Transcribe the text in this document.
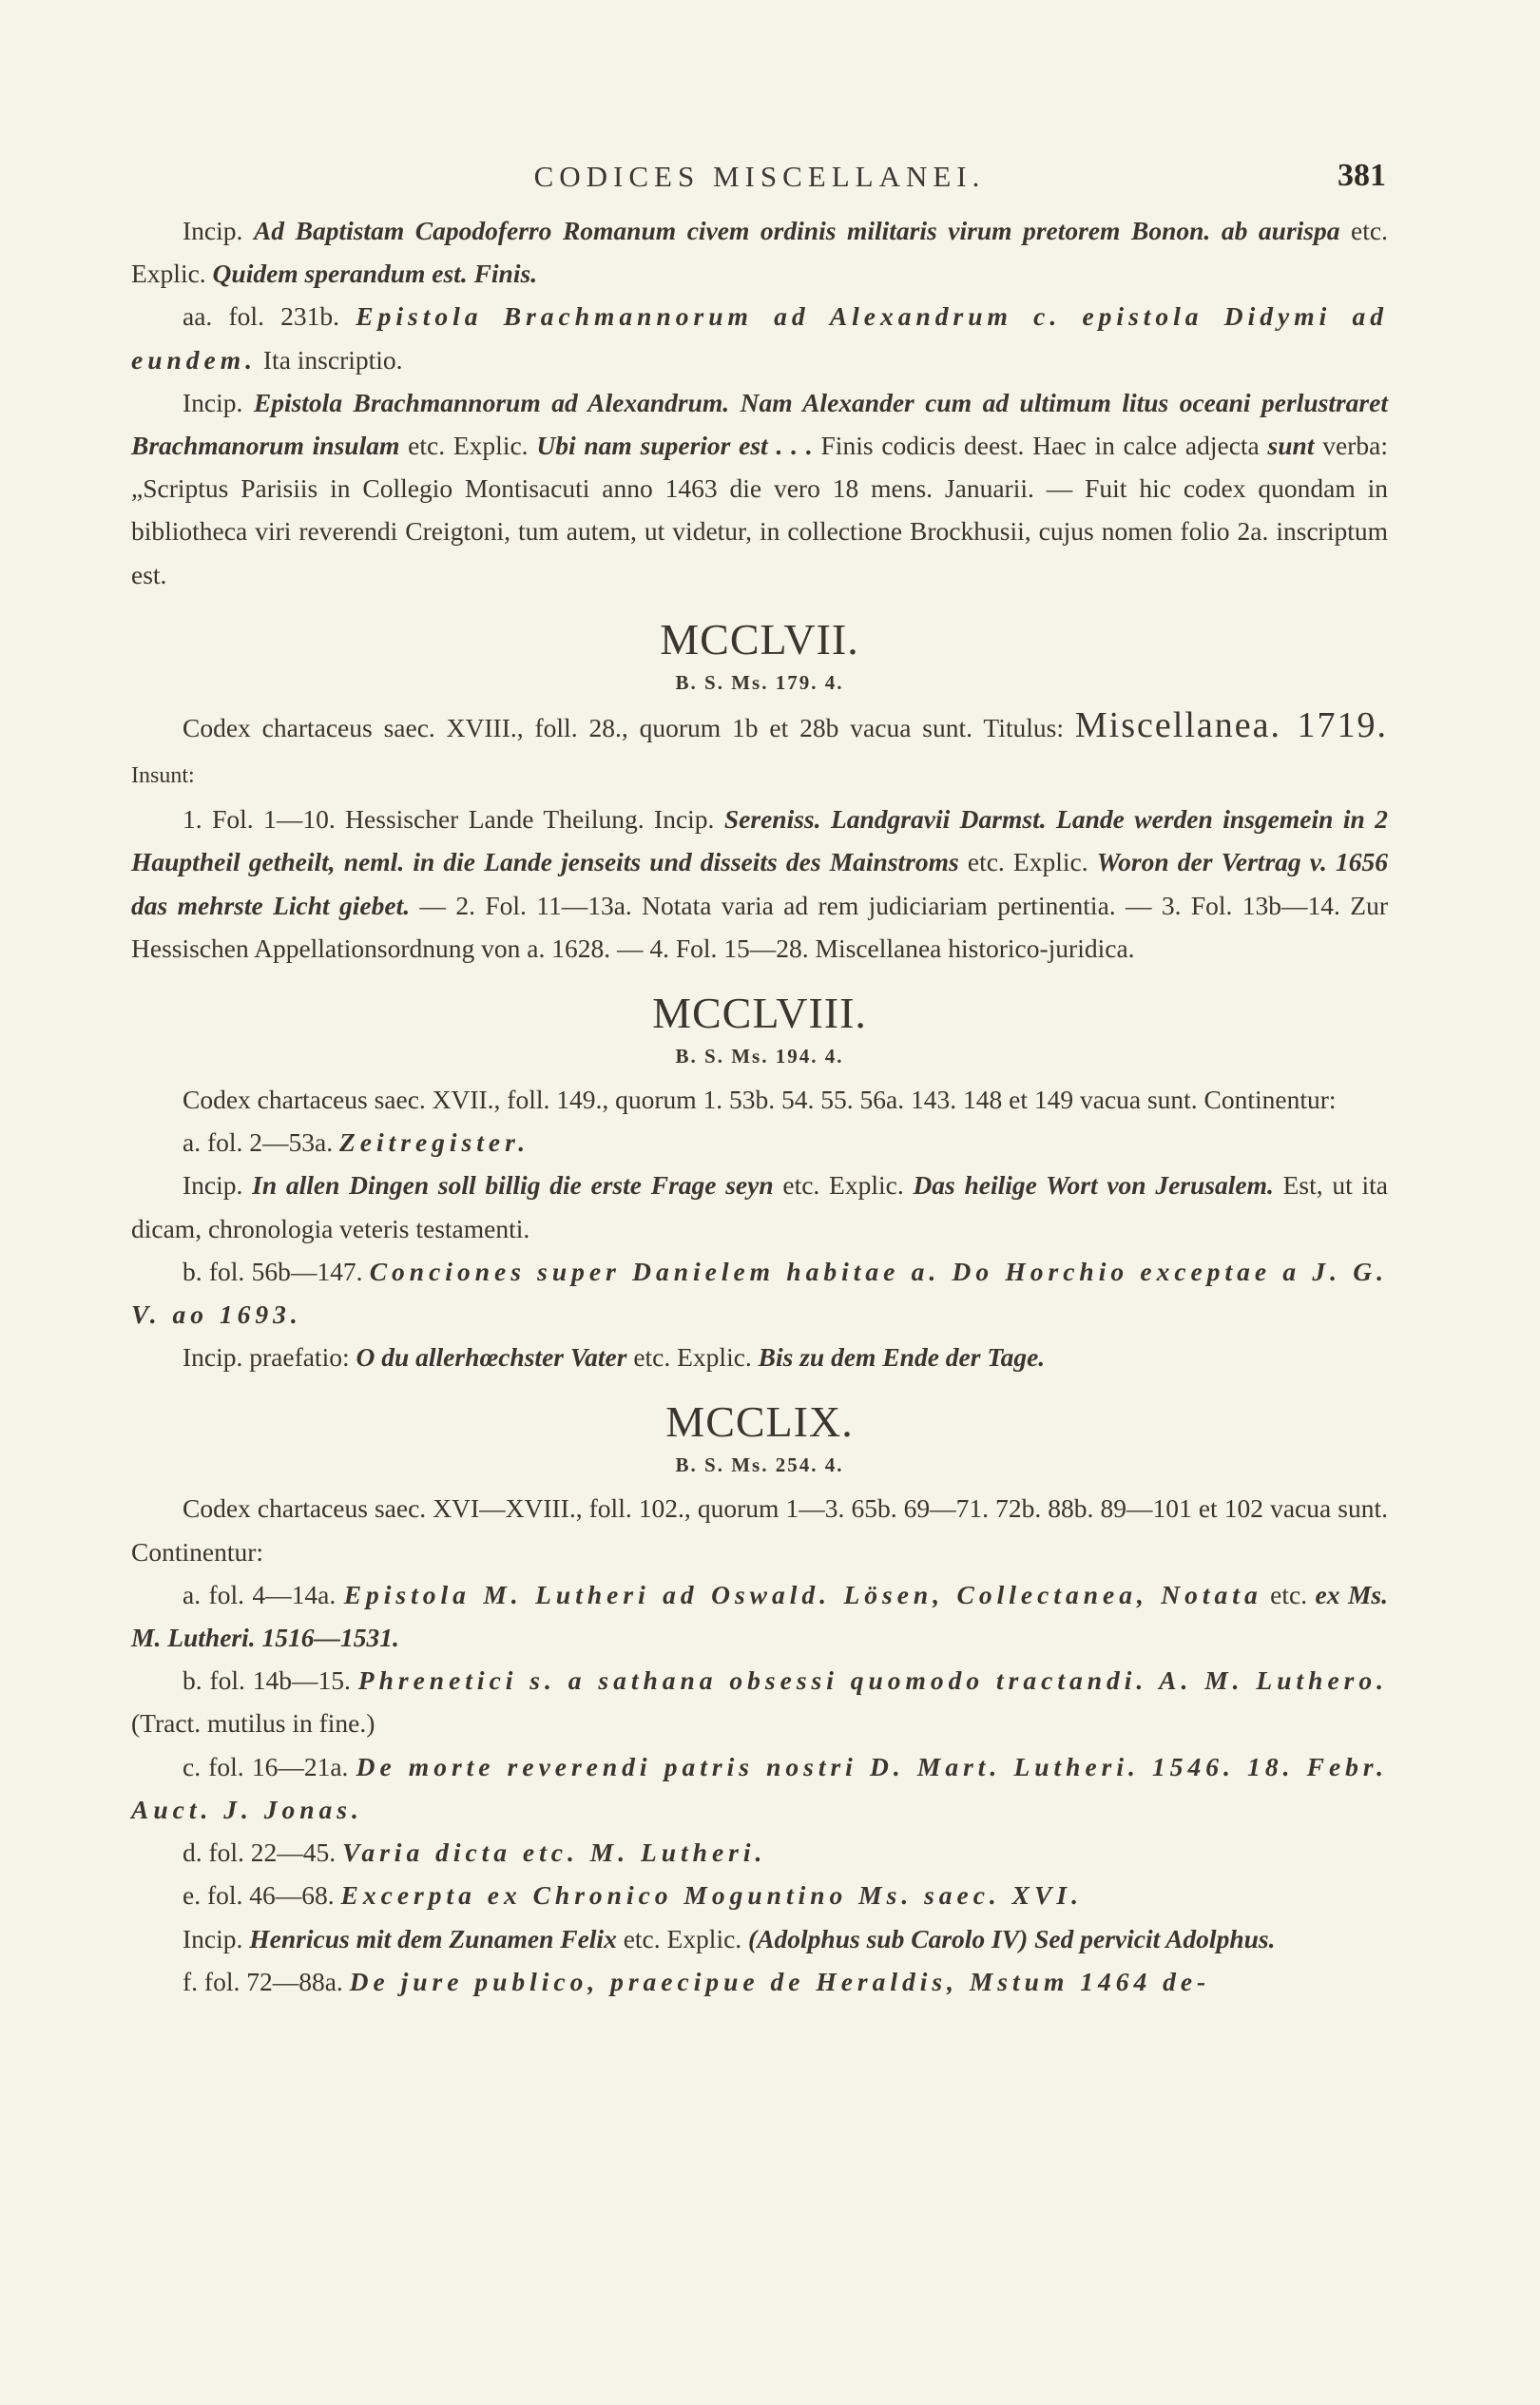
CODICES MISCELLANEI.	381

Incip. Ad Baptistam Capodoferro Romanum civem ordinis militaris virum pretorem Bonon. ab aurispa etc. Explic. Quidem sperandum est. Finis.

aa. fol. 231b. Epistola Brachmannorum ad Alexandrum c. epistola Didymi ad eundem. Ita inscriptio.

Incip. Epistola Brachmannorum ad Alexandrum. Nam Alexander cum ad ultimum litus oceani perlustraret Brachmanorum insulam etc. Explic. Ubi nam superior est . . . Finis codicis deest. Haec in calce adjecta sunt verba: „Scriptus Parisiis in Collegio Montisacuti anno 1463 die vero 18 mens. Januarii. — Fuit hic codex quondam in bibliotheca viri reverendi Creigtoni, tum autem, ut videtur, in collectione Brockhusii, cujus nomen folio 2a. inscriptum est.

MCCLVII.
B. S. Ms. 179. 4.

Codex chartaceus saec. XVIII., foll. 28., quorum 1b et 28b vacua sunt. Titulus: Miscellanea. 1719. Insunt:

1. Fol. 1—10. Hessischer Lande Theilung. Incip. Sereniss. Landgravii Darmst. Lande werden insgemein in 2 Hauptheil getheilt, neml. in die Lande jenseits und disseits des Mainstroms etc. Explic. Woron der Vertrag v. 1656 das mehrste Licht giebet. — 2. Fol. 11—13a. Notata varia ad rem judiciariam pertinentia. — 3. Fol. 13b—14. Zur Hessischen Appellationsordnung von a. 1628. — 4. Fol. 15—28. Miscellanea historico-juridica.

MCCLVIII.
B. S. Ms. 194. 4.

Codex chartaceus saec. XVII., foll. 149., quorum 1. 53b. 54. 55. 56a. 143. 148 et 149 vacua sunt. Continentur:

a. fol. 2—53a. Zeitregister.

Incip. In allen Dingen soll billig die erste Frage seyn etc. Explic. Das heilige Wort von Jerusalem. Est, ut ita dicam, chronologia veteris testamenti.

b. fol. 56b—147. Conciones super Danielem habitae a. Do Horchio exceptae a J. G. V. ao 1693.

Incip. praefatio: O du allerhœchster Vater etc. Explic. Bis zu dem Ende der Tage.

MCCLIX.
B. S. Ms. 254. 4.

Codex chartaceus saec. XVI—XVIII., foll. 102., quorum 1—3. 65b. 69—71. 72b. 88b. 89—101 et 102 vacua sunt. Continentur:

a. fol. 4—14a. Epistola M. Lutheri ad Oswald. Lösen, Collectanea, Notata etc. ex Ms. M. Lutheri. 1516—1531.

b. fol. 14b—15. Phrenetici s. a sathana obsessi quomodo tractandi. A. M. Luthero. (Tract. mutilus in fine.)

c. fol. 16—21a. De morte reverendi patris nostri D. Mart. Lutheri. 1546. 18. Febr. Auct. J. Jonas.

d. fol. 22—45. Varia dicta etc. M. Lutheri.

e. fol. 46—68. Excerpta ex Chronico Moguntino Ms. saec. XVI.

Incip. Henricus mit dem Zunamen Felix etc. Explic. (Adolphus sub Carolo IV) Sed pervicit Adolphus.

f. fol. 72—88a. De jure publico, praecipue de Heraldis, Mstum 1464 de-
